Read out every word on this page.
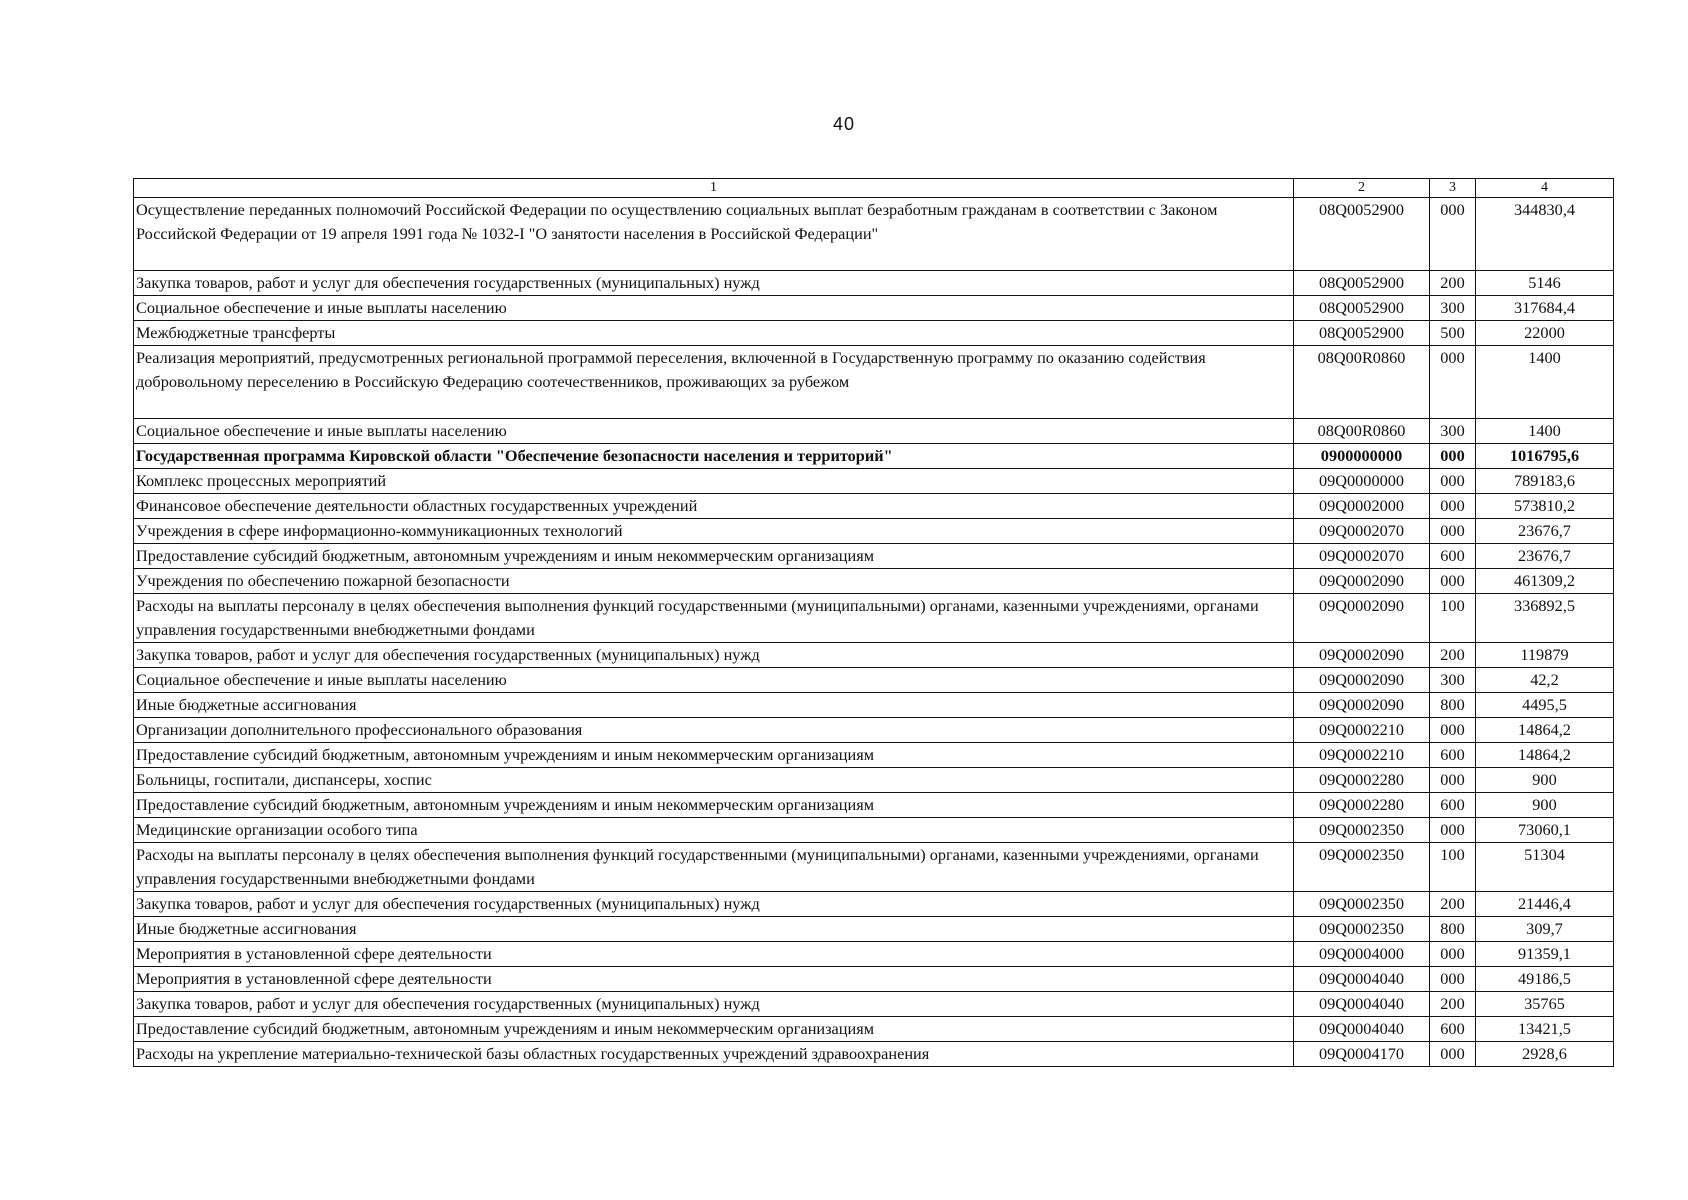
40
1	2	3	4
Осуществление переданных полномочий Российской Федерации по осуществлению социальных выплат безработным гражданам в соответствии с Законом Российской Федерации от 19 апреля 1991 года № 1032-I "О занятости населения в Российской Федерации"	08Q0052900	000	344830,4
Закупка товаров, работ и услуг для обеспечения государственных (муниципальных) нужд	08Q0052900	200	5146
Социальное обеспечение и иные выплаты населению	08Q0052900	300	317684,4
Межбюджетные трансферты	08Q0052900	500	22000
Реализация мероприятий, предусмотренных региональной программой переселения, включенной в Государственную программу по оказанию содействия добровольному переселению в Российскую Федерацию соотечественников, проживающих за рубежом	08Q00R0860	000	1400
Социальное обеспечение и иные выплаты населению	08Q00R0860	300	1400
Государственная программа Кировской области "Обеспечение безопасности населения и территорий"	0900000000	000	1016795,6
Комплекс процессных мероприятий	09Q0000000	000	789183,6
Финансовое обеспечение деятельности областных государственных учреждений	09Q0002000	000	573810,2
Учреждения в сфере информационно-коммуникационных технологий	09Q0002070	000	23676,7
Предоставление субсидий бюджетным, автономным учреждениям и иным некоммерческим организациям	09Q0002070	600	23676,7
Учреждения по обеспечению пожарной безопасности	09Q0002090	000	461309,2
Расходы на выплаты персоналу в целях обеспечения выполнения функций государственными (муниципальными) органами, казенными учреждениями, органами управления государственными внебюджетными фондами	09Q0002090	100	336892,5
Закупка товаров, работ и услуг для обеспечения государственных (муниципальных) нужд	09Q0002090	200	119879
Социальное обеспечение и иные выплаты населению	09Q0002090	300	42,2
Иные бюджетные ассигнования	09Q0002090	800	4495,5
Организации дополнительного профессионального образования	09Q0002210	000	14864,2
Предоставление субсидий бюджетным, автономным учреждениям и иным некоммерческим организациям	09Q0002210	600	14864,2
Больницы, госпитали, диспансеры, хоспис	09Q0002280	000	900
Предоставление субсидий бюджетным, автономным учреждениям и иным некоммерческим организациям	09Q0002280	600	900
Медицинские организации особого типа	09Q0002350	000	73060,1
Расходы на выплаты персоналу в целях обеспечения выполнения функций государственными (муниципальными) органами, казенными учреждениями, органами управления государственными внебюджетными фондами	09Q0002350	100	51304
Закупка товаров, работ и услуг для обеспечения государственных (муниципальных) нужд	09Q0002350	200	21446,4
Иные бюджетные ассигнования	09Q0002350	800	309,7
Мероприятия в установленной сфере деятельности	09Q0004000	000	91359,1
Мероприятия в установленной сфере деятельности	09Q0004040	000	49186,5
Закупка товаров, работ и услуг для обеспечения государственных (муниципальных) нужд	09Q0004040	200	35765
Предоставление субсидий бюджетным, автономным учреждениям и иным некоммерческим организациям	09Q0004040	600	13421,5
Расходы на укрепление материально-технической базы областных государственных учреждений здравоохранения	09Q0004170	000	2928,6
